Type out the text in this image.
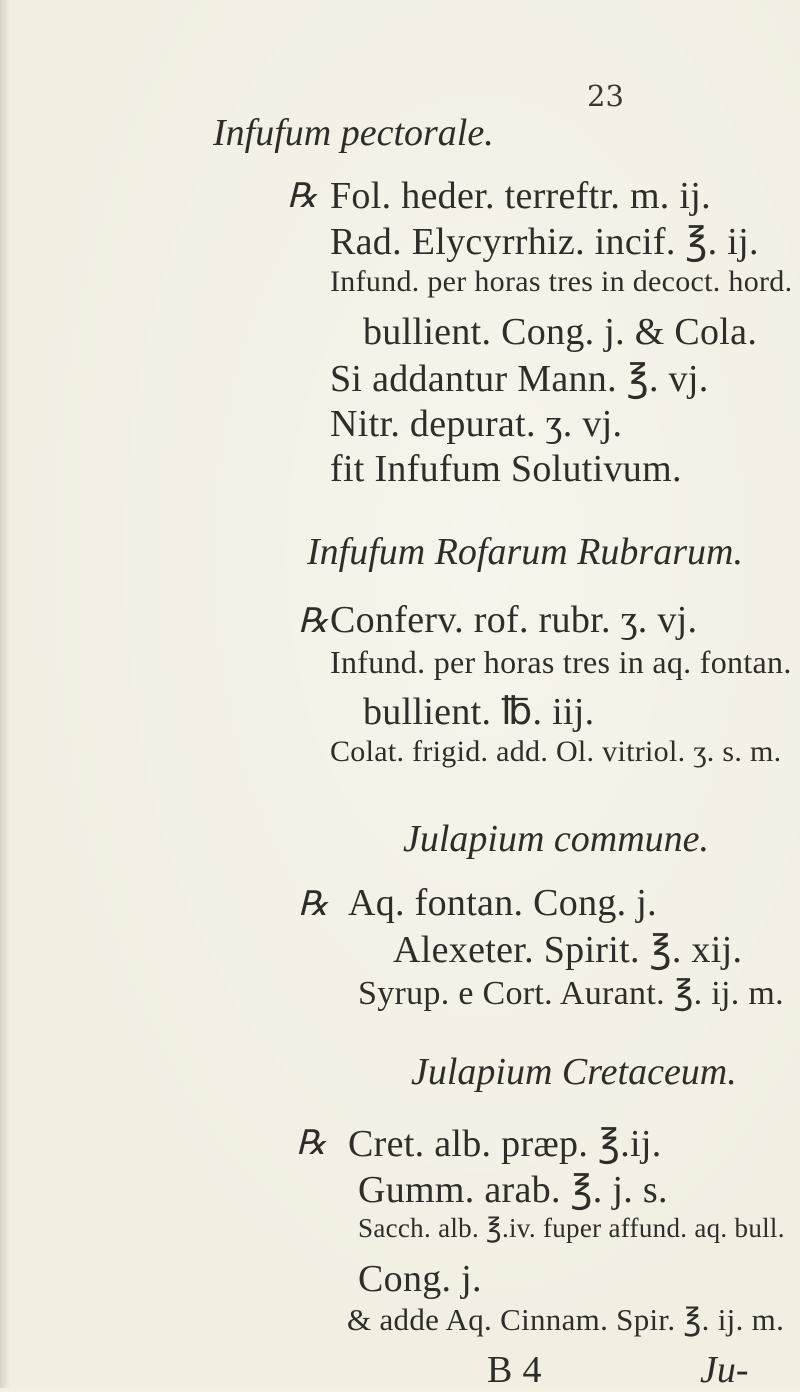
23
Infufum pectorale.
℞ Fol. heder. terreftr. m. ij.
Rad. Elycyrrhiz. incif. ℥. ij.
Infund. per horas tres in decoct. hord.
bullient. Cong. j. & Cola.
Si addantur Mann. ℥. vj.
Nitr. depurat. ʒ. vj.
fit Infufum Solutivum.
Infufum Rofarum Rubrarum.
℞ Conferv. rof. rubr. ʒ. vj.
Infund. per horas tres in aq. fontan.
bullient. ℔. iij.
Colat. frigid. add. Ol. vitriol. ʒ. s. m.
Julapium commune.
℞ Aq. fontan. Cong. j.
Alexeter. Spirit. ℥. xij.
Syrup. e Cort. Aurant. ℥. ij. m.
Julapium Cretaceum.
℞ Cret. alb. præp. ℥.ij.
Gumm. arab. ℥. j. s.
Sacch. alb. ℥.iv. fuper affund. aq. bull.
Cong. j.
& adde Aq. Cinnam. Spir. ℥. ij. m.
B 4	Ju-
